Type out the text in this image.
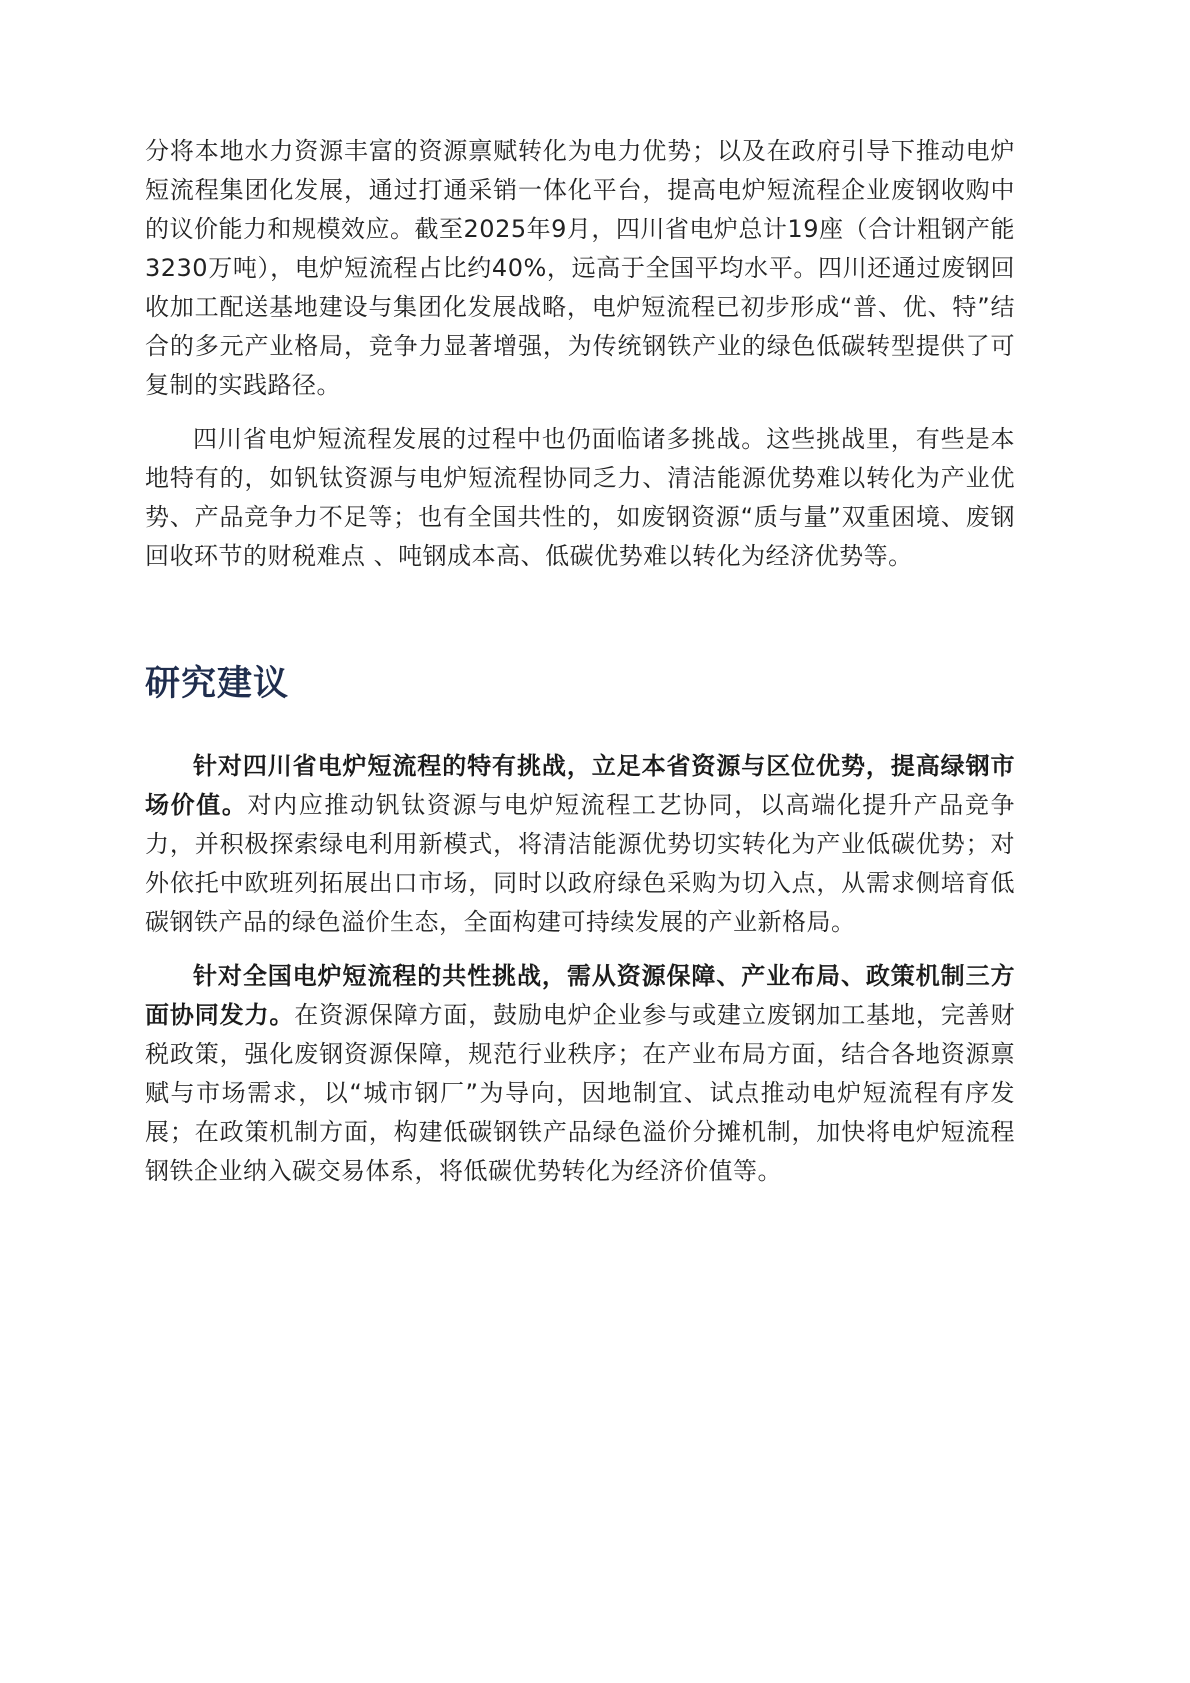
分将本地水力资源丰富的资源禀赋转化为电力优势；以及在政府引导下推动电炉短流程集团化发展，通过打通采销一体化平台，提高电炉短流程企业废钢收购中的议价能力和规模效应。截至2025年9月，四川省电炉总计19座（合计粗钢产能3230万吨），电炉短流程占比约40%，远高于全国平均水平。四川还通过废钢回收加工配送基地建设与集团化发展战略，电炉短流程已初步形成“普、优、特”结合的多元产业格局，竞争力显著增强，为传统钢铁产业的绿色低碳转型提供了可复制的实践路径。

四川省电炉短流程发展的过程中也仍面临诸多挑战。这些挑战里，有些是本地特有的，如钒钛资源与电炉短流程协同乏力、清洁能源优势难以转化为产业优势、产品竞争力不足等；也有全国共性的，如废钢资源“质与量”双重困境、废钢回收环节的财税难点 、吨钢成本高、低碳优势难以转化为经济优势等。

研究建议

针对四川省电炉短流程的特有挑战，立足本省资源与区位优势，提高绿钢市场价值。对内应推动钒钛资源与电炉短流程工艺协同，以高端化提升产品竞争力，并积极探索绿电利用新模式，将清洁能源优势切实转化为产业低碳优势；对外依托中欧班列拓展出口市场，同时以政府绿色采购为切入点，从需求侧培育低碳钢铁产品的绿色溢价生态，全面构建可持续发展的产业新格局。

针对全国电炉短流程的共性挑战，需从资源保障、产业布局、政策机制三方面协同发力。在资源保障方面，鼓励电炉企业参与或建立废钢加工基地，完善财税政策，强化废钢资源保障，规范行业秩序；在产业布局方面，结合各地资源禀赋与市场需求，以“城市钢厂”为导向，因地制宜、试点推动电炉短流程有序发展；在政策机制方面，构建低碳钢铁产品绿色溢价分摊机制，加快将电炉短流程钢铁企业纳入碳交易体系，将低碳优势转化为经济价值等。
